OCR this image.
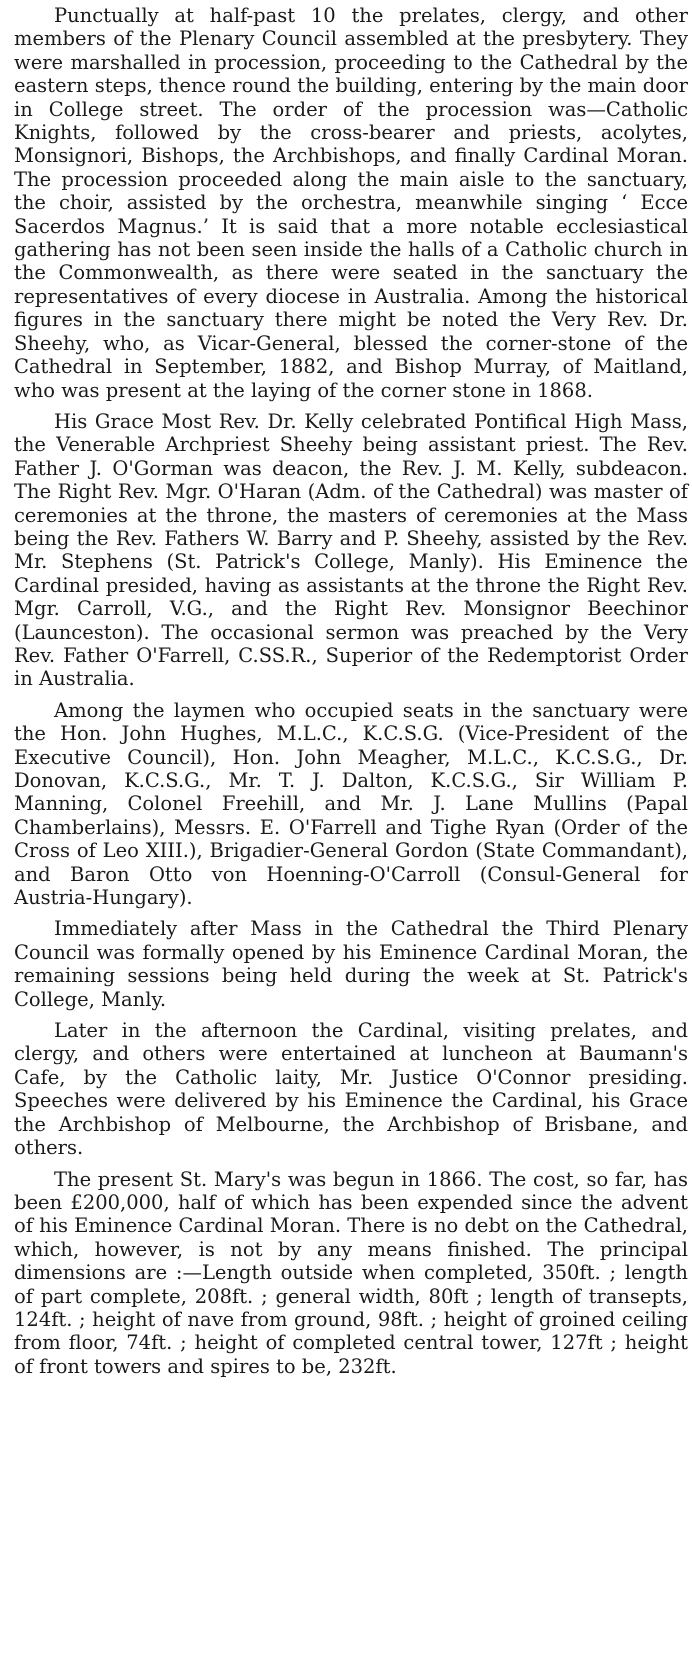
Punctually at half-past 10 the prelates, clergy, and other members of the Plenary Council assembled at the presbytery. They were marshalled in procession, proceeding to the Cathedral by the eastern steps, thence round the building, entering by the main door in College street. The order of the procession was—Catholic Knights, followed by the cross-bearer and priests, acolytes, Monsignori, Bishops, the Archbishops, and finally Cardinal Moran. The procession proceeded along the main aisle to the sanctuary, the choir, assisted by the orchestra, meanwhile singing ‘ Ecce Sacerdos Magnus.’ It is said that a more notable ecclesiastical gathering has not been seen inside the halls of a Catholic church in the Commonwealth, as there were seated in the sanctuary the representatives of every diocese in Australia. Among the historical figures in the sanctuary there might be noted the Very Rev. Dr. Sheehy, who, as Vicar-General, blessed the corner-stone of the Cathedral in September, 1882, and Bishop Murray, of Maitland, who was present at the laying of the corner stone in 1868.

His Grace Most Rev. Dr. Kelly celebrated Pontifical High Mass, the Venerable Archpriest Sheehy being assistant priest. The Rev. Father J. O'Gorman was deacon, the Rev. J. M. Kelly, subdeacon. The Right Rev. Mgr. O'Haran (Adm. of the Cathedral) was master of ceremonies at the throne, the masters of ceremonies at the Mass being the Rev. Fathers W. Barry and P. Sheehy, assisted by the Rev. Mr. Stephens (St. Patrick's College, Manly). His Eminence the Cardinal presided, having as assistants at the throne the Right Rev. Mgr. Carroll, V.G., and the Right Rev. Monsignor Beechinor (Launceston). The occasional sermon was preached by the Very Rev. Father O'Farrell, C.SS.R., Superior of the Redemptorist Order in Australia.

Among the laymen who occupied seats in the sanctuary were the Hon. John Hughes, M.L.C., K.C.S.G. (Vice-President of the Executive Council), Hon. John Meagher, M.L.C., K.C.S.G., Dr. Donovan, K.C.S.G., Mr. T. J. Dalton, K.C.S.G., Sir William P. Manning, Colonel Freehill, and Mr. J. Lane Mullins (Papal Chamberlains), Messrs. E. O'Farrell and Tighe Ryan (Order of the Cross of Leo XIII.), Brigadier-General Gordon (State Commandant), and Baron Otto von Hoenning-O'Carroll (Consul-General for Austria-Hungary).

Immediately after Mass in the Cathedral the Third Plenary Council was formally opened by his Eminence Cardinal Moran, the remaining sessions being held during the week at St. Patrick's College, Manly.

Later in the afternoon the Cardinal, visiting prelates, and clergy, and others were entertained at luncheon at Baumann's Cafe, by the Catholic laity, Mr. Justice O'Connor presiding. Speeches were delivered by his Eminence the Cardinal, his Grace the Archbishop of Melbourne, the Archbishop of Brisbane, and others.

The present St. Mary's was begun in 1866. The cost, so far, has been £200,000, half of which has been expended since the advent of his Eminence Cardinal Moran. There is no debt on the Cathedral, which, however, is not by any means finished. The principal dimensions are :—Length outside when completed, 350ft. ; length of part complete, 208ft. ; general width, 80ft ; length of transepts, 124ft. ; height of nave from ground, 98ft. ; height of groined ceiling from floor, 74ft. ; height of completed central tower, 127ft ; height of front towers and spires to be, 232ft.
